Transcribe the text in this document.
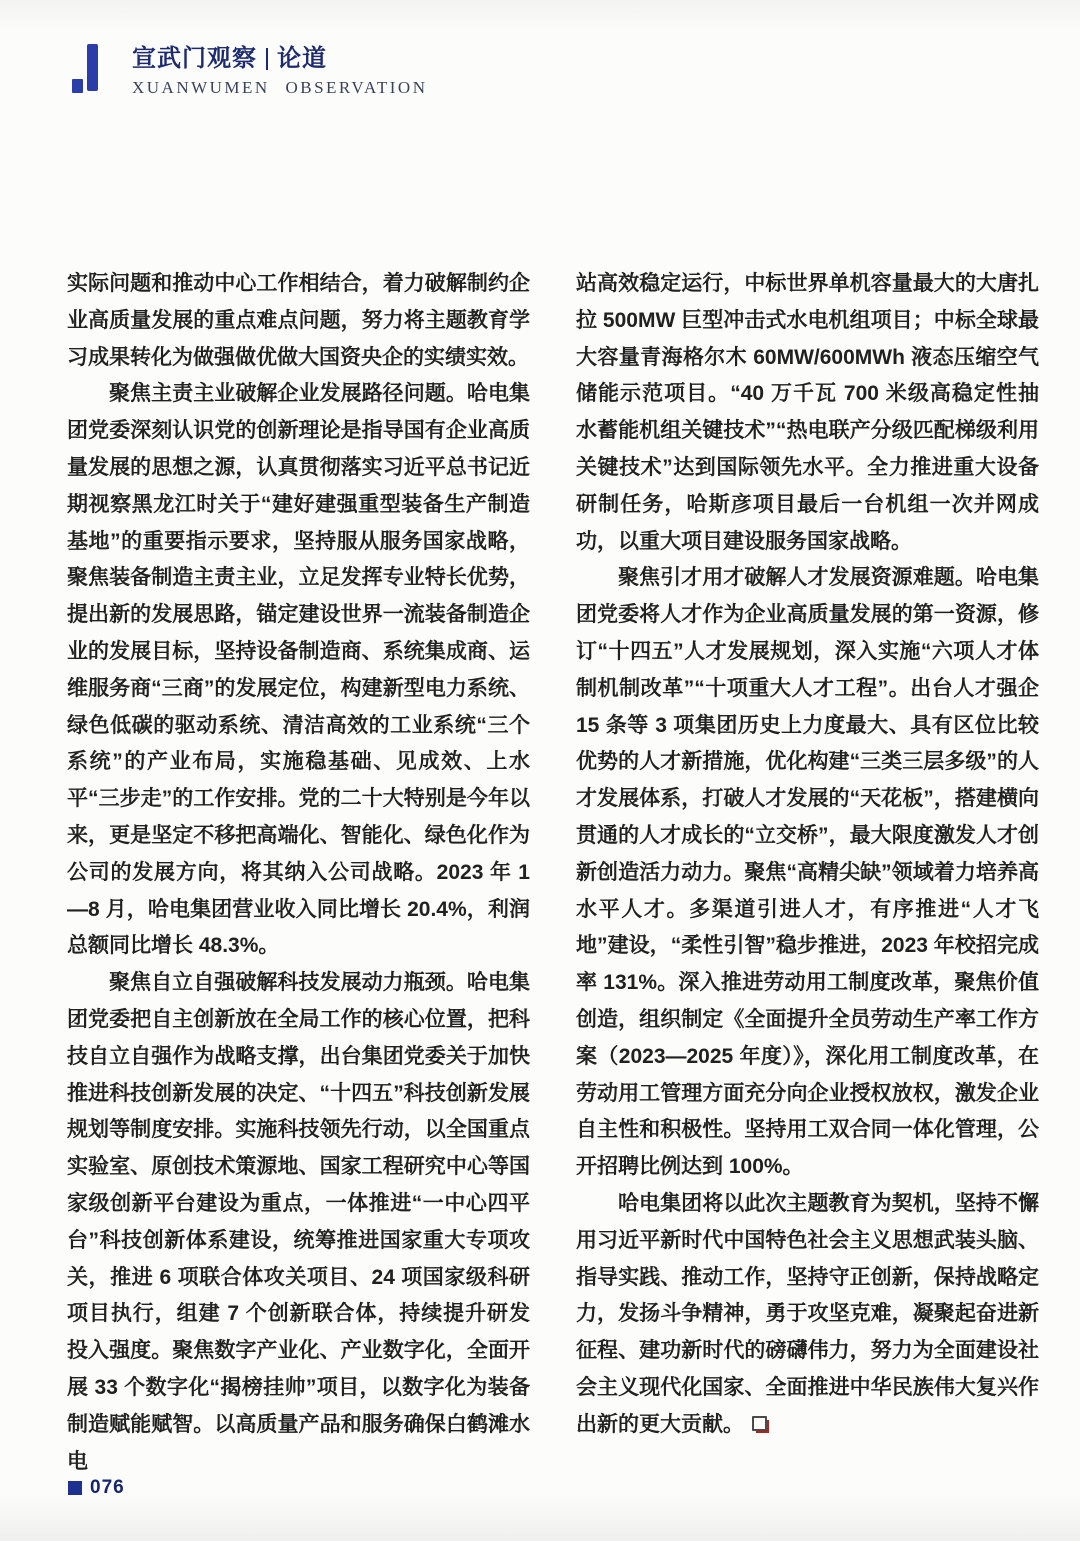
宣武门观察 论道
XUANWUMEN OBSERVATION

实际问题和推动中心工作相结合，着力破解制约企业高质量发展的重点难点问题，努力将主题教育学习成果转化为做强做优做大国资央企的实绩实效。

聚焦主责主业破解企业发展路径问题。哈电集团党委深刻认识党的创新理论是指导国有企业高质量发展的思想之源，认真贯彻落实习近平总书记近期视察黑龙江时关于“建好建强重型装备生产制造基地”的重要指示要求，坚持服从服务国家战略，聚焦装备制造主责主业，立足发挥专业特长优势，提出新的发展思路，锚定建设世界一流装备制造企业的发展目标，坚持设备制造商、系统集成商、运维服务商“三商”的发展定位，构建新型电力系统、绿色低碳的驱动系统、清洁高效的工业系统“三个系统”的产业布局，实施稳基础、见成效、上水平“三步走”的工作安排。党的二十大特别是今年以来，更是坚定不移把高端化、智能化、绿色化作为公司的发展方向，将其纳入公司战略。2023 年 1—8 月，哈电集团营业收入同比增长 20.4%，利润总额同比增长 48.3%。

聚焦自立自强破解科技发展动力瓶颈。哈电集团党委把自主创新放在全局工作的核心位置，把科技自立自强作为战略支撑，出台集团党委关于加快推进科技创新发展的决定、“十四五”科技创新发展规划等制度安排。实施科技领先行动，以全国重点实验室、原创技术策源地、国家工程研究中心等国家级创新平台建设为重点，一体推进“一中心四平台”科技创新体系建设，统筹推进国家重大专项攻关，推进 6 项联合体攻关项目、24 项国家级科研项目执行，组建 7 个创新联合体，持续提升研发投入强度。聚焦数字产业化、产业数字化，全面开展 33 个数字化“揭榜挂帅”项目，以数字化为装备制造赋能赋智。以高质量产品和服务确保白鹤滩水电

站高效稳定运行，中标世界单机容量最大的大唐扎拉 500MW 巨型冲击式水电机组项目；中标全球最大容量青海格尔木 60MW/600MWh 液态压缩空气储能示范项目。“40 万千瓦 700 米级高稳定性抽水蓄能机组关键技术”“热电联产分级匹配梯级利用关键技术”达到国际领先水平。全力推进重大设备研制任务，哈斯彦项目最后一台机组一次并网成功，以重大项目建设服务国家战略。

聚焦引才用才破解人才发展资源难题。哈电集团党委将人才作为企业高质量发展的第一资源，修订“十四五”人才发展规划，深入实施“六项人才体制机制改革”“十项重大人才工程”。出台人才强企 15 条等 3 项集团历史上力度最大、具有区位比较优势的人才新措施，优化构建“三类三层多级”的人才发展体系，打破人才发展的“天花板”，搭建横向贯通的人才成长的“立交桥”，最大限度激发人才创新创造活力动力。聚焦“高精尖缺”领域着力培养高水平人才。多渠道引进人才，有序推进“人才飞地”建设，“柔性引智”稳步推进，2023 年校招完成率 131%。深入推进劳动用工制度改革，聚焦价值创造，组织制定《全面提升全员劳动生产率工作方案（2023—2025 年度）》，深化用工制度改革，在劳动用工管理方面充分向企业授权放权，激发企业自主性和积极性。坚持用工双合同一体化管理，公开招聘比例达到 100%。

哈电集团将以此次主题教育为契机，坚持不懈用习近平新时代中国特色社会主义思想武装头脑、指导实践、推动工作，坚持守正创新，保持战略定力，发扬斗争精神，勇于攻坚克难，凝聚起奋进新征程、建功新时代的磅礴伟力，努力为全面建设社会主义现代化国家、全面推进中华民族伟大复兴作出新的更大贡献。

076
